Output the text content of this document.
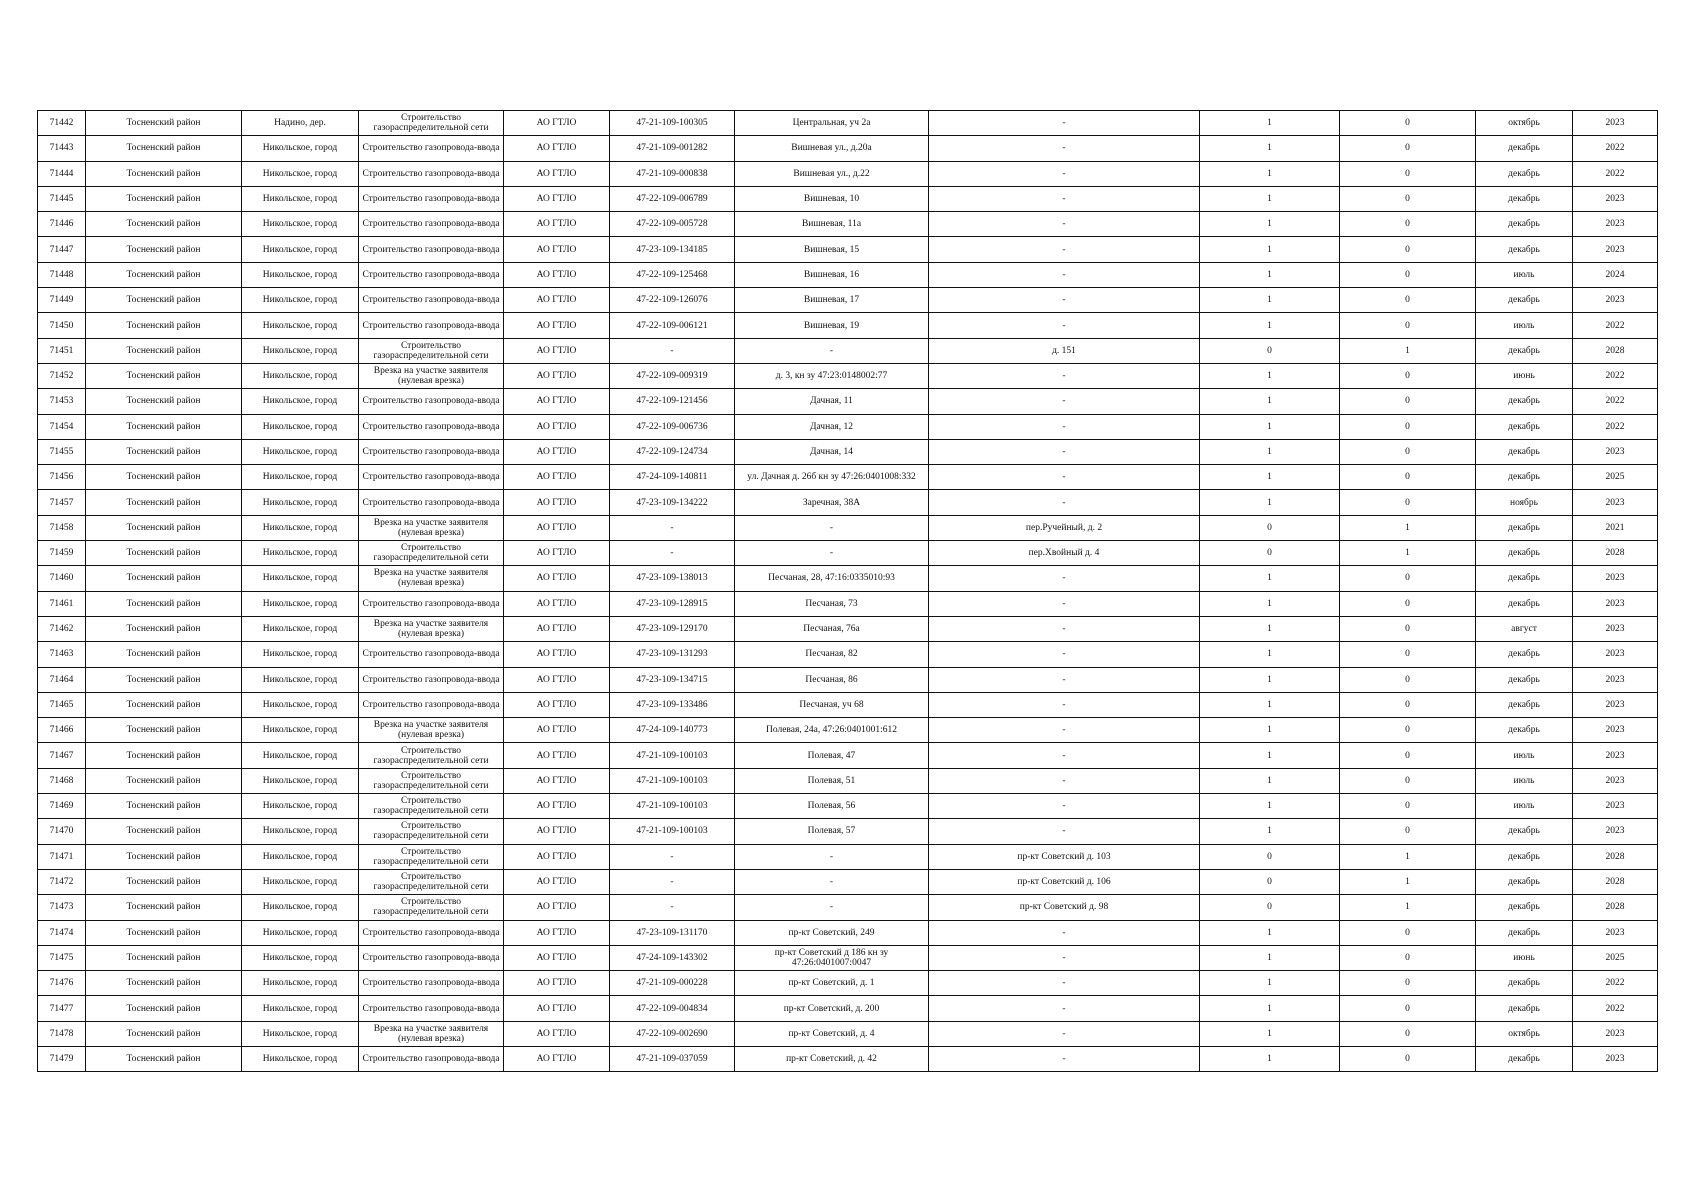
71442	Тосненский район	Надино, дер.	Строительство газораспределительной сети	АО ГТЛО	47-21-109-100305	Центральная, уч 2а	-	1	0	октябрь	2023
71443	Тосненский район	Никольское, город	Строительство газопровода-ввода	АО ГТЛО	47-21-109-001282	Вишневая ул., д.20а	-	1	0	декабрь	2022
71444	Тосненский район	Никольское, город	Строительство газопровода-ввода	АО ГТЛО	47-21-109-000838	Вишневая ул., д.22	-	1	0	декабрь	2022
71445	Тосненский район	Никольское, город	Строительство газопровода-ввода	АО ГТЛО	47-22-109-006789	Вишневая, 10	-	1	0	декабрь	2023
71446	Тосненский район	Никольское, город	Строительство газопровода-ввода	АО ГТЛО	47-22-109-005728	Вишневая, 11а	-	1	0	декабрь	2023
71447	Тосненский район	Никольское, город	Строительство газопровода-ввода	АО ГТЛО	47-23-109-134185	Вишневая, 15	-	1	0	декабрь	2023
71448	Тосненский район	Никольское, город	Строительство газопровода-ввода	АО ГТЛО	47-22-109-125468	Вишневая, 16	-	1	0	июль	2024
71449	Тосненский район	Никольское, город	Строительство газопровода-ввода	АО ГТЛО	47-22-109-126076	Вишневая, 17	-	1	0	декабрь	2023
71450	Тосненский район	Никольское, город	Строительство газопровода-ввода	АО ГТЛО	47-22-109-006121	Вишневая, 19	-	1	0	июль	2022
71451	Тосненский район	Никольское, город	Строительство газораспределительной сети	АО ГТЛО	-	-	д. 151	0	1	декабрь	2028
71452	Тосненский район	Никольское, город	Врезка на участке заявителя (нулевая врезка)	АО ГТЛО	47-22-109-009319	д. 3, кн зу 47:23:0148002:77	-	1	0	июнь	2022
71453	Тосненский район	Никольское, город	Строительство газопровода-ввода	АО ГТЛО	47-22-109-121456	Дачная, 11	-	1	0	декабрь	2022
71454	Тосненский район	Никольское, город	Строительство газопровода-ввода	АО ГТЛО	47-22-109-006736	Дачная, 12	-	1	0	декабрь	2022
71455	Тосненский район	Никольское, город	Строительство газопровода-ввода	АО ГТЛО	47-22-109-124734	Дачная, 14	-	1	0	декабрь	2023
71456	Тосненский район	Никольское, город	Строительство газопровода-ввода	АО ГТЛО	47-24-109-140811	ул. Дачная д. 26б кн зу 47:26:0401008:332	-	1	0	декабрь	2025
71457	Тосненский район	Никольское, город	Строительство газопровода-ввода	АО ГТЛО	47-23-109-134222	Заречная, 38А	-	1	0	ноябрь	2023
71458	Тосненский район	Никольское, город	Врезка на участке заявителя (нулевая врезка)	АО ГТЛО	-	-	пер.Ручейный, д. 2	0	1	декабрь	2021
71459	Тосненский район	Никольское, город	Строительство газораспределительной сети	АО ГТЛО	-	-	пер.Хвойный д. 4	0	1	декабрь	2028
71460	Тосненский район	Никольское, город	Врезка на участке заявителя (нулевая врезка)	АО ГТЛО	47-23-109-138013	Песчаная, 28, 47:16:0335010:93	-	1	0	декабрь	2023
71461	Тосненский район	Никольское, город	Строительство газопровода-ввода	АО ГТЛО	47-23-109-128915	Песчаная, 73	-	1	0	декабрь	2023
71462	Тосненский район	Никольское, город	Врезка на участке заявителя (нулевая врезка)	АО ГТЛО	47-23-109-129170	Песчаная, 76а	-	1	0	август	2023
71463	Тосненский район	Никольское, город	Строительство газопровода-ввода	АО ГТЛО	47-23-109-131293	Песчаная, 82	-	1	0	декабрь	2023
71464	Тосненский район	Никольское, город	Строительство газопровода-ввода	АО ГТЛО	47-23-109-134715	Песчаная, 86	-	1	0	декабрь	2023
71465	Тосненский район	Никольское, город	Строительство газопровода-ввода	АО ГТЛО	47-23-109-133486	Песчаная, уч 68	-	1	0	декабрь	2023
71466	Тосненский район	Никольское, город	Врезка на участке заявителя (нулевая врезка)	АО ГТЛО	47-24-109-140773	Полевая, 24а, 47:26:0401001:612	-	1	0	декабрь	2023
71467	Тосненский район	Никольское, город	Строительство газораспределительной сети	АО ГТЛО	47-21-109-100103	Полевая, 47	-	1	0	июль	2023
71468	Тосненский район	Никольское, город	Строительство газораспределительной сети	АО ГТЛО	47-21-109-100103	Полевая, 51	-	1	0	июль	2023
71469	Тосненский район	Никольское, город	Строительство газораспределительной сети	АО ГТЛО	47-21-109-100103	Полевая, 56	-	1	0	июль	2023
71470	Тосненский район	Никольское, город	Строительство газораспределительной сети	АО ГТЛО	47-21-109-100103	Полевая, 57	-	1	0	декабрь	2023
71471	Тосненский район	Никольское, город	Строительство газораспределительной сети	АО ГТЛО	-	-	пр-кт Советский д. 103	0	1	декабрь	2028
71472	Тосненский район	Никольское, город	Строительство газораспределительной сети	АО ГТЛО	-	-	пр-кт Советский д. 106	0	1	декабрь	2028
71473	Тосненский район	Никольское, город	Строительство газораспределительной сети	АО ГТЛО	-	-	пр-кт Советский д. 98	0	1	декабрь	2028
71474	Тосненский район	Никольское, город	Строительство газопровода-ввода	АО ГТЛО	47-23-109-131170	пр-кт Советский, 249	-	1	0	декабрь	2023
71475	Тосненский район	Никольское, город	Строительство газопровода-ввода	АО ГТЛО	47-24-109-143302	пр-кт Советский д 186 кн зу 47:26:0401007:0047	-	1	0	июнь	2025
71476	Тосненский район	Никольское, город	Строительство газопровода-ввода	АО ГТЛО	47-21-109-000228	пр-кт Советский, д. 1	-	1	0	декабрь	2022
71477	Тосненский район	Никольское, город	Строительство газопровода-ввода	АО ГТЛО	47-22-109-004834	пр-кт Советский, д. 200	-	1	0	декабрь	2022
71478	Тосненский район	Никольское, город	Врезка на участке заявителя (нулевая врезка)	АО ГТЛО	47-22-109-002690	пр-кт Советский, д. 4	-	1	0	октябрь	2023
71479	Тосненский район	Никольское, город	Строительство газопровода-ввода	АО ГТЛО	47-21-109-037059	пр-кт Советский, д. 42	-	1	0	декабрь	2023
